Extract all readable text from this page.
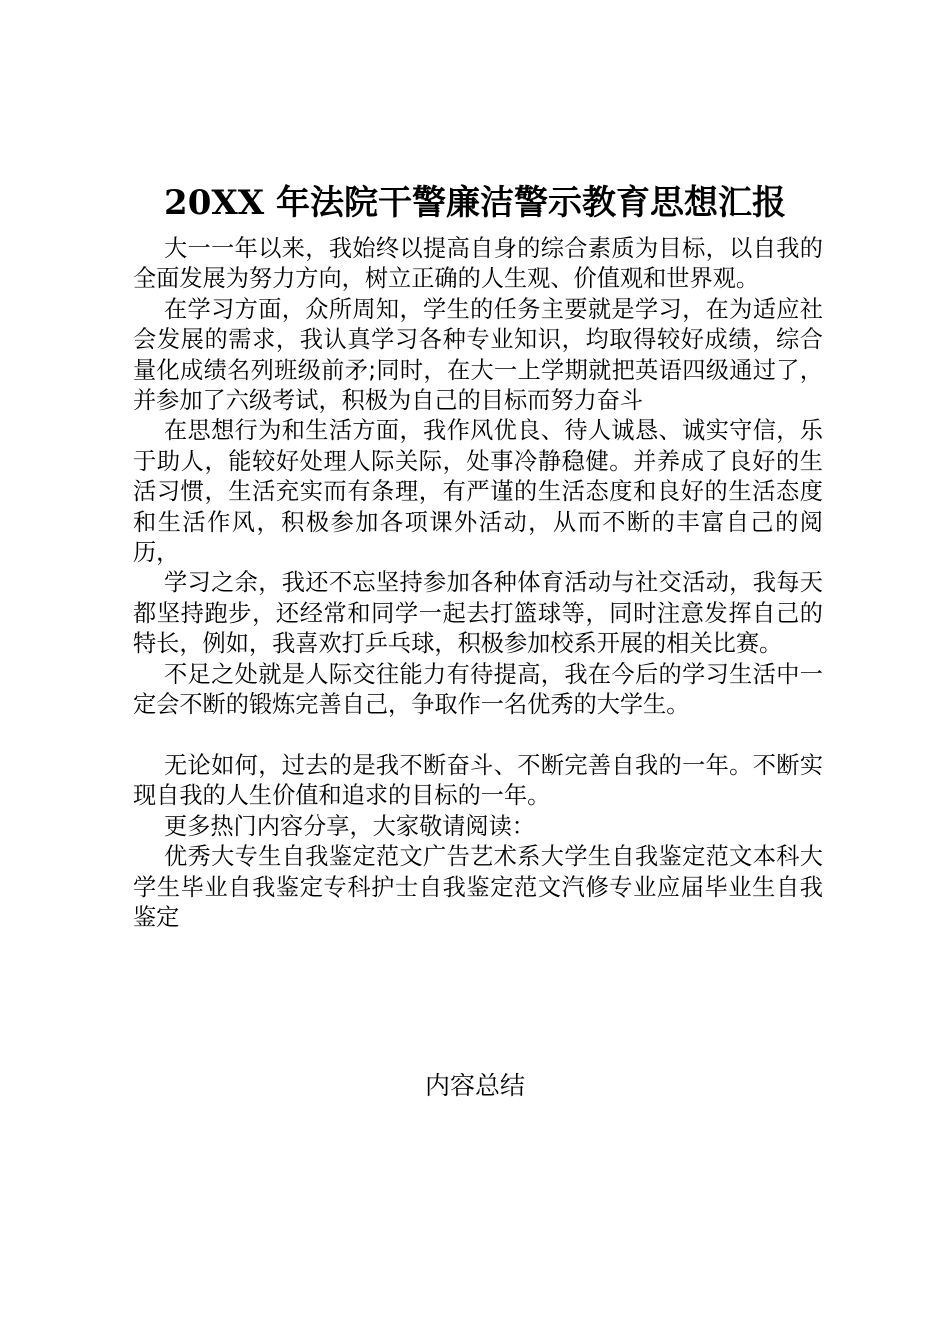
20XX 年法院干警廉洁警示教育思想汇报

大一一年以来，我始终以提高自身的综合素质为目标，以自我的全面发展为努力方向，树立正确的人生观、价值观和世界观。

在学习方面，众所周知，学生的任务主要就是学习，在为适应社会发展的需求，我认真学习各种专业知识，均取得较好成绩，综合量化成绩名列班级前矛;同时，在大一上学期就把英语四级通过了，并参加了六级考试，积极为自己的目标而努力奋斗

在思想行为和生活方面，我作风优良、待人诚恳、诚实守信，乐于助人，能较好处理人际关际，处事冷静稳健。并养成了良好的生活习惯，生活充实而有条理，有严谨的生活态度和良好的生活态度和生活作风，积极参加各项课外活动，从而不断的丰富自己的阅历，

学习之余，我还不忘坚持参加各种体育活动与社交活动，我每天都坚持跑步，还经常和同学一起去打篮球等，同时注意发挥自己的特长，例如，我喜欢打乒乓球，积极参加校系开展的相关比赛。

不足之处就是人际交往能力有待提高，我在今后的学习生活中一定会不断的锻炼完善自己，争取作一名优秀的大学生。

无论如何，过去的是我不断奋斗、不断完善自我的一年。不断实现自我的人生价值和追求的目标的一年。

更多热门内容分享，大家敬请阅读：

优秀大专生自我鉴定范文广告艺术系大学生自我鉴定范文本科大学生毕业自我鉴定专科护士自我鉴定范文汽修专业应届毕业生自我鉴定

内容总结
